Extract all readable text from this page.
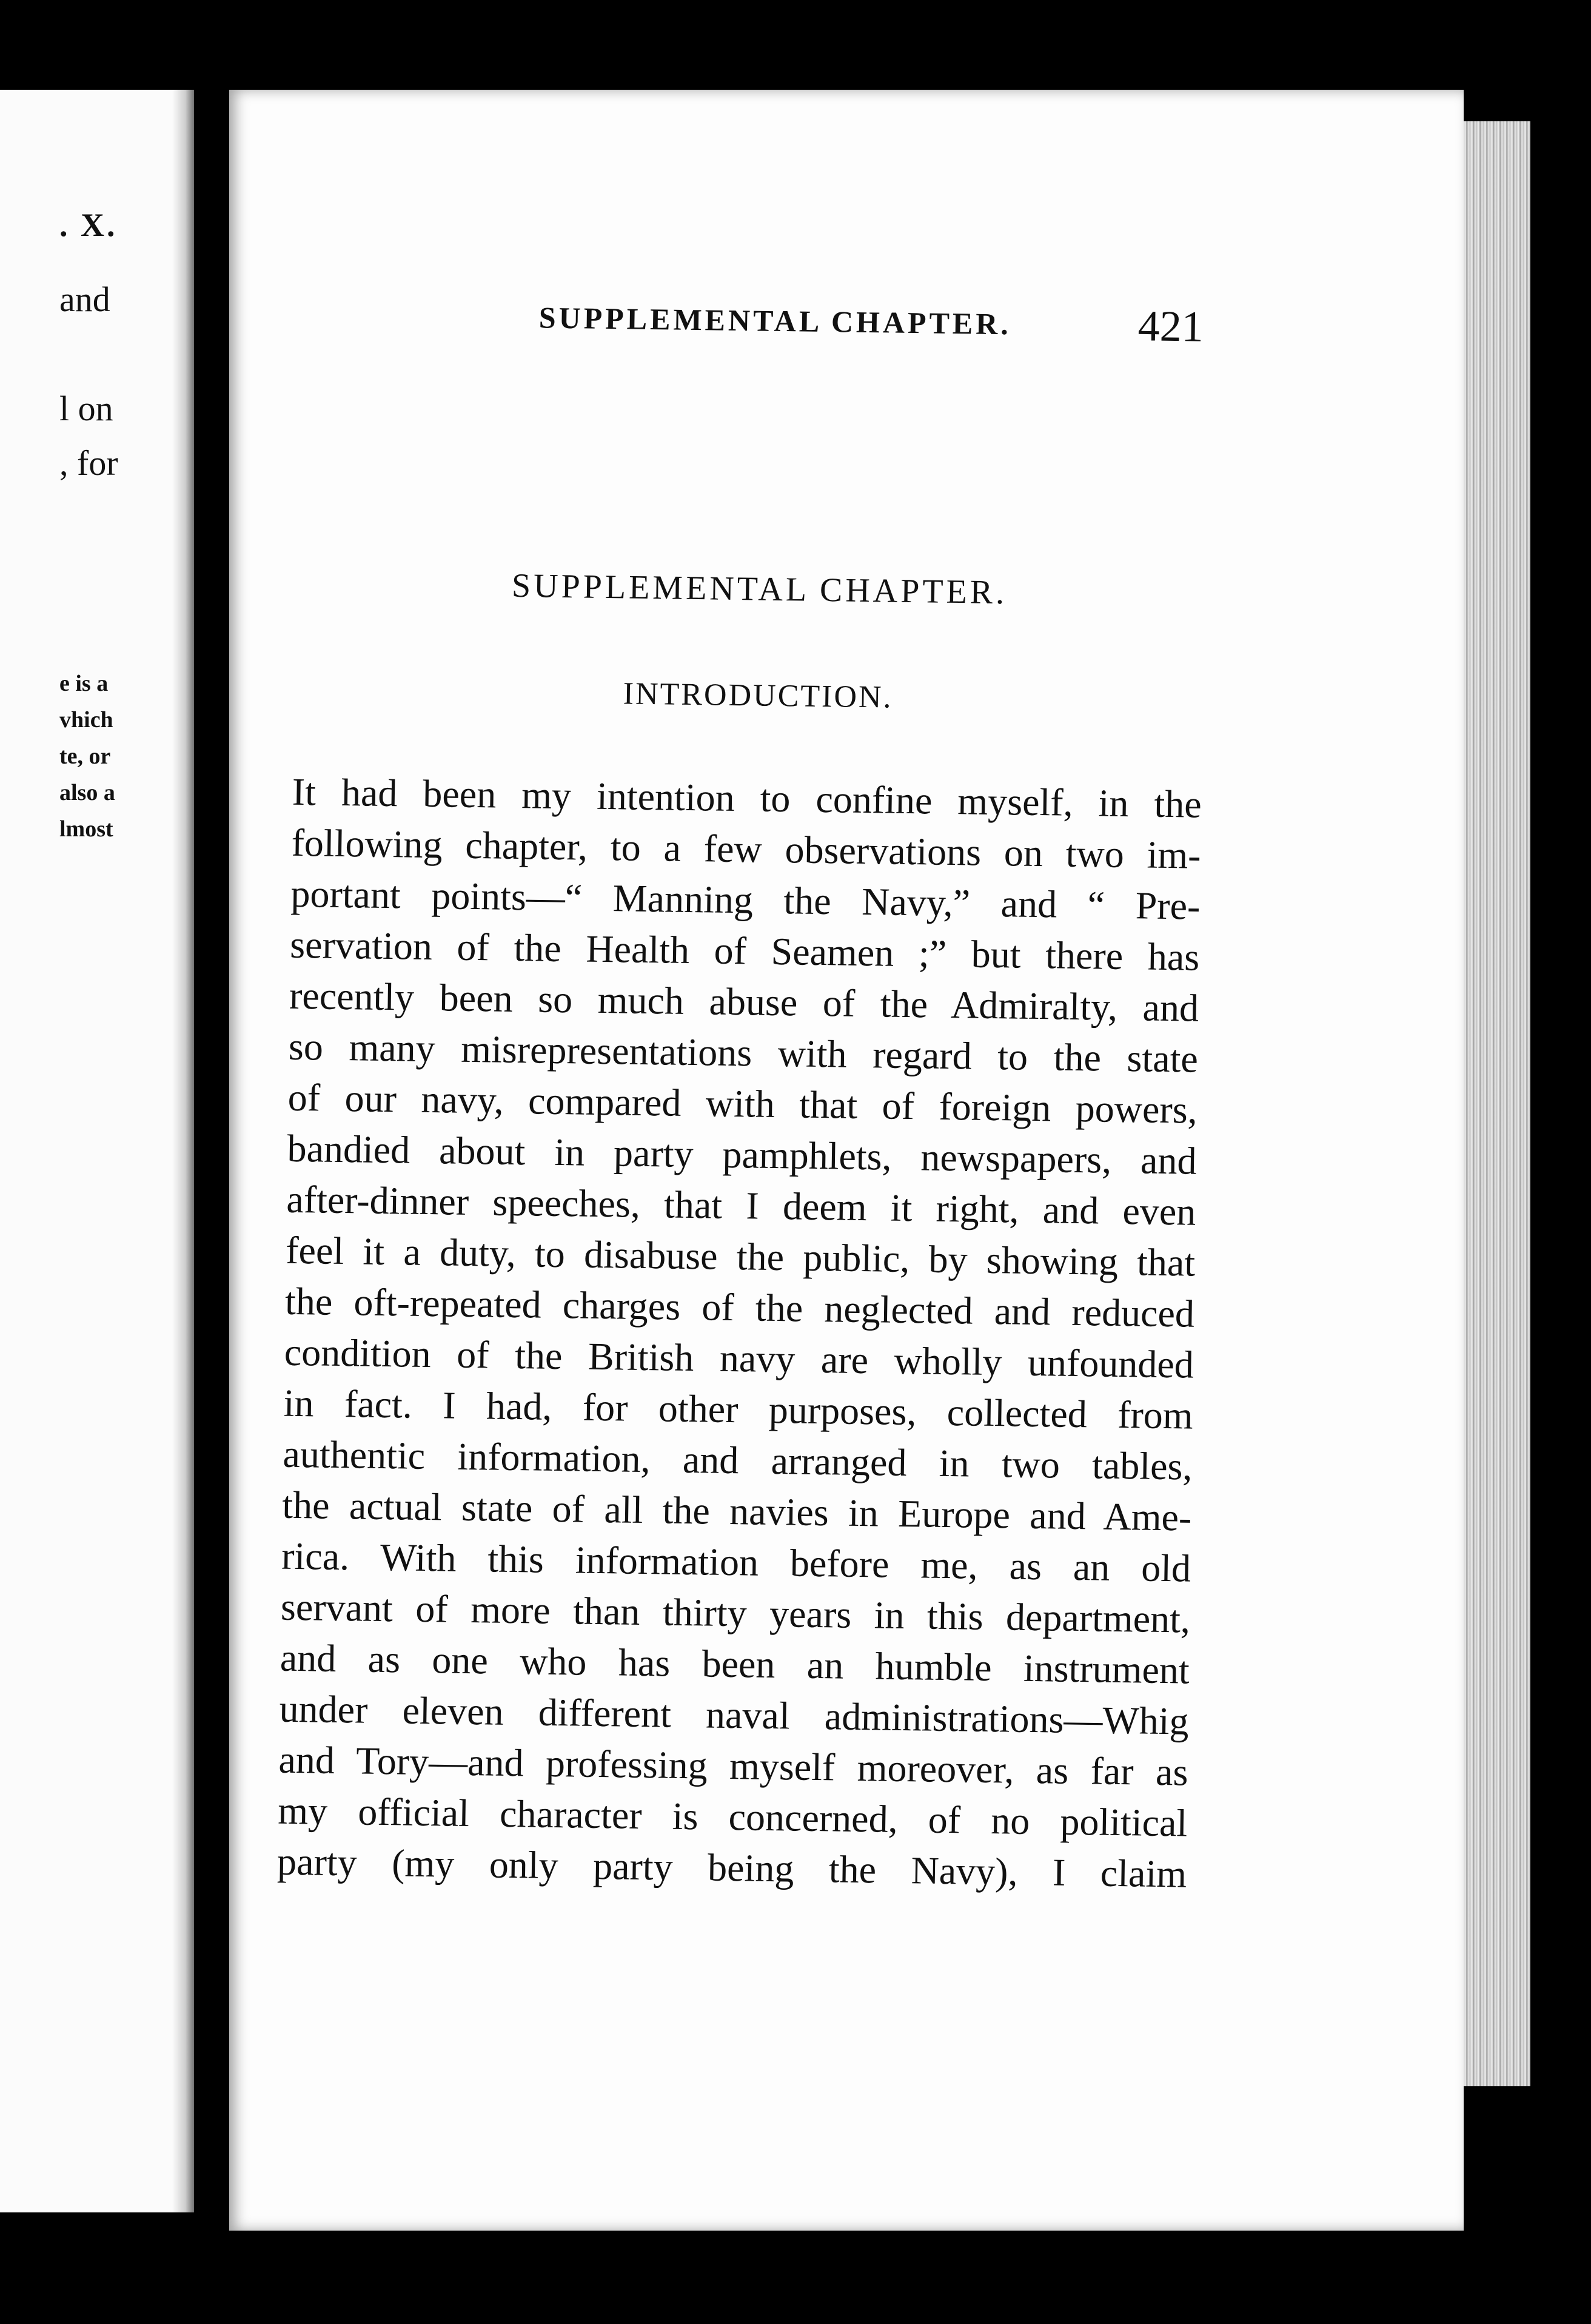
. X.
and
l on
, for
e is a
vhich
te, or
also a
lmost
SUPPLEMENTAL CHAPTER.	421
SUPPLEMENTAL CHAPTER.
INTRODUCTION.
It had been my intention to confine myself, in the
following chapter, to a few observations on two im-
portant points—“ Manning the Navy,” and “ Pre-
servation of the Health of Seamen ;” but there has
recently been so much abuse of the Admiralty, and
so many misrepresentations with regard to the state
of our navy, compared with that of foreign powers,
bandied about in party pamphlets, newspapers, and
after-dinner speeches, that I deem it right, and even
feel it a duty, to disabuse the public, by showing that
the oft-repeated charges of the neglected and reduced
condition of the British navy are wholly unfounded
in fact. I had, for other purposes, collected from
authentic information, and arranged in two tables,
the actual state of all the navies in Europe and Ame-
rica. With this information before me, as an old
servant of more than thirty years in this department,
and as one who has been an humble instrument
under eleven different naval administrations—Whig
and Tory—and professing myself moreover, as far as
my official character is concerned, of no political
party (my only party being the Navy), I claim
